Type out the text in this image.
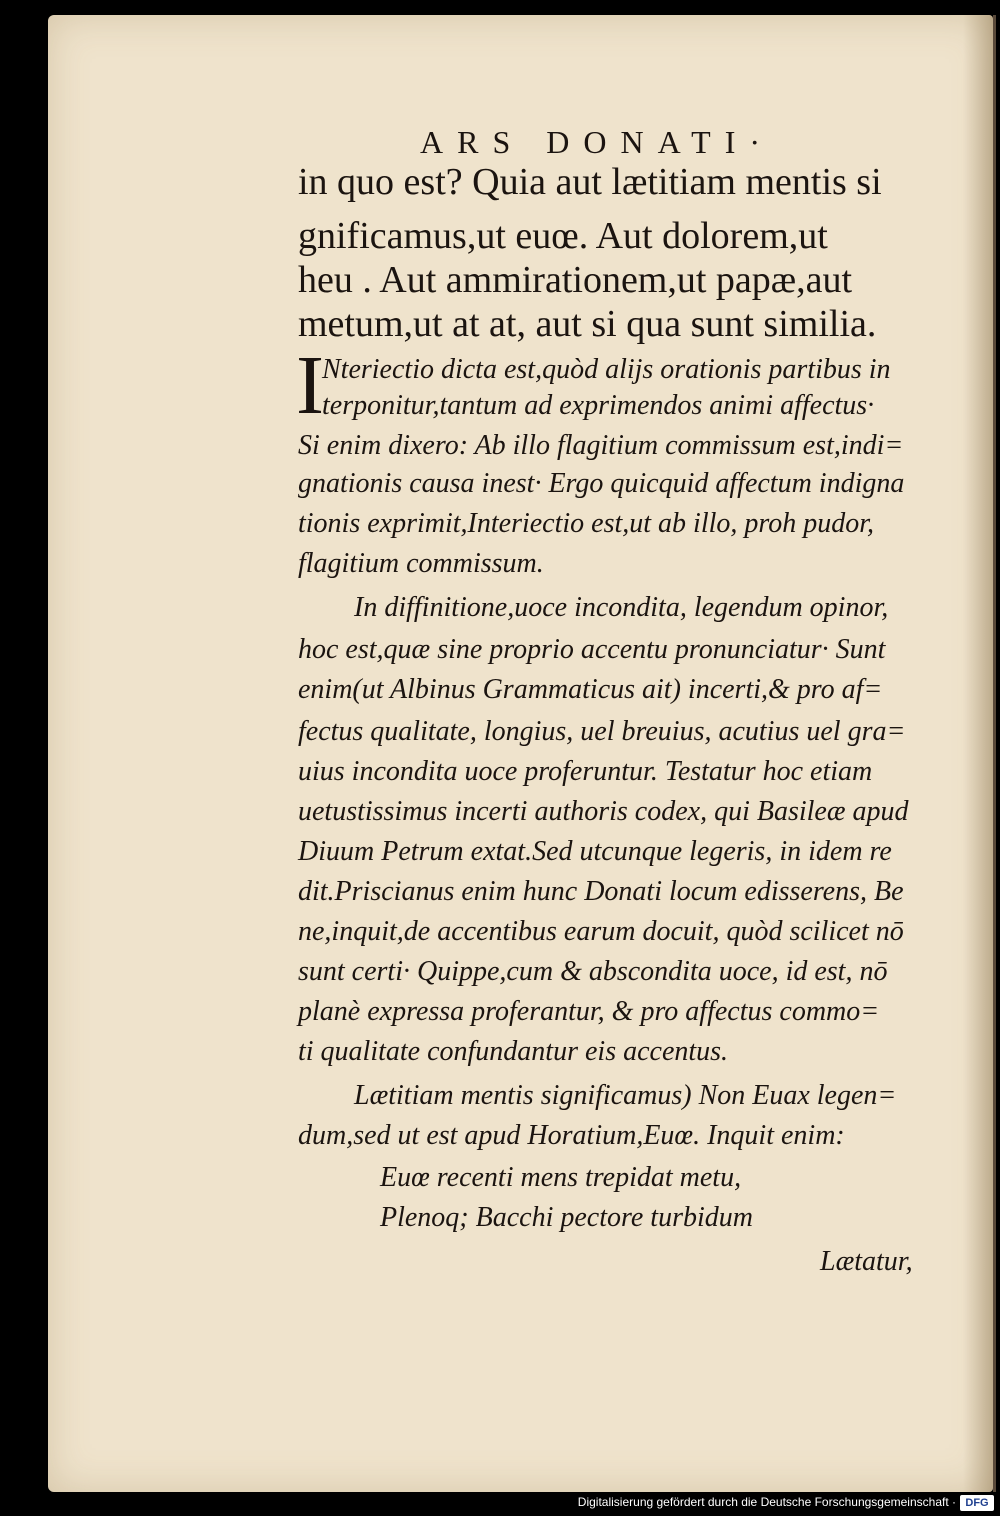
ARS DONATI·
in quo est? Quia aut lætitiam mentis si
gnificamus,ut euœ. Aut dolorem,ut
heu . Aut ammirationem,ut papæ,aut
metum,ut at at, aut si qua sunt similia.
I
Nteriectio dicta est,quòd alijs orationis partibus in
terponitur,tantum ad exprimendos animi affectus·
Si enim dixero: Ab illo flagitium commissum est,indi=
gnationis causa inest· Ergo quicquid affectum indigna
tionis exprimit,Interiectio est,ut ab illo, proh pudor,
flagitium commissum.
In diffinitione,uoce incondita, legendum opinor,
hoc est,quæ sine proprio accentu pronunciatur· Sunt
enim(ut Albinus Grammaticus ait) incerti,& pro af=
fectus qualitate, longius, uel breuius, acutius uel gra=
uius incondita uoce proferuntur. Testatur hoc etiam
uetustissimus incerti authoris codex, qui Basileæ apud
Diuum Petrum extat.Sed utcunque legeris, in idem re
dit.Priscianus enim hunc Donati locum edisserens, Be
ne,inquit,de accentibus earum docuit, quòd scilicet nō
sunt certi· Quippe,cum & abscondita uoce, id est, nō
planè expressa proferantur, & pro affectus commo=
ti qualitate confundantur eis accentus.
Lætitiam mentis significamus) Non Euax legen=
dum,sed ut est apud Horatium,Euœ. Inquit enim:
Euœ recenti mens trepidat metu,
Plenoq; Bacchi pectore turbidum
Lætatur,
Digitalisierung gefördert durch die Deutsche Forschungsgemeinschaft · DFG
